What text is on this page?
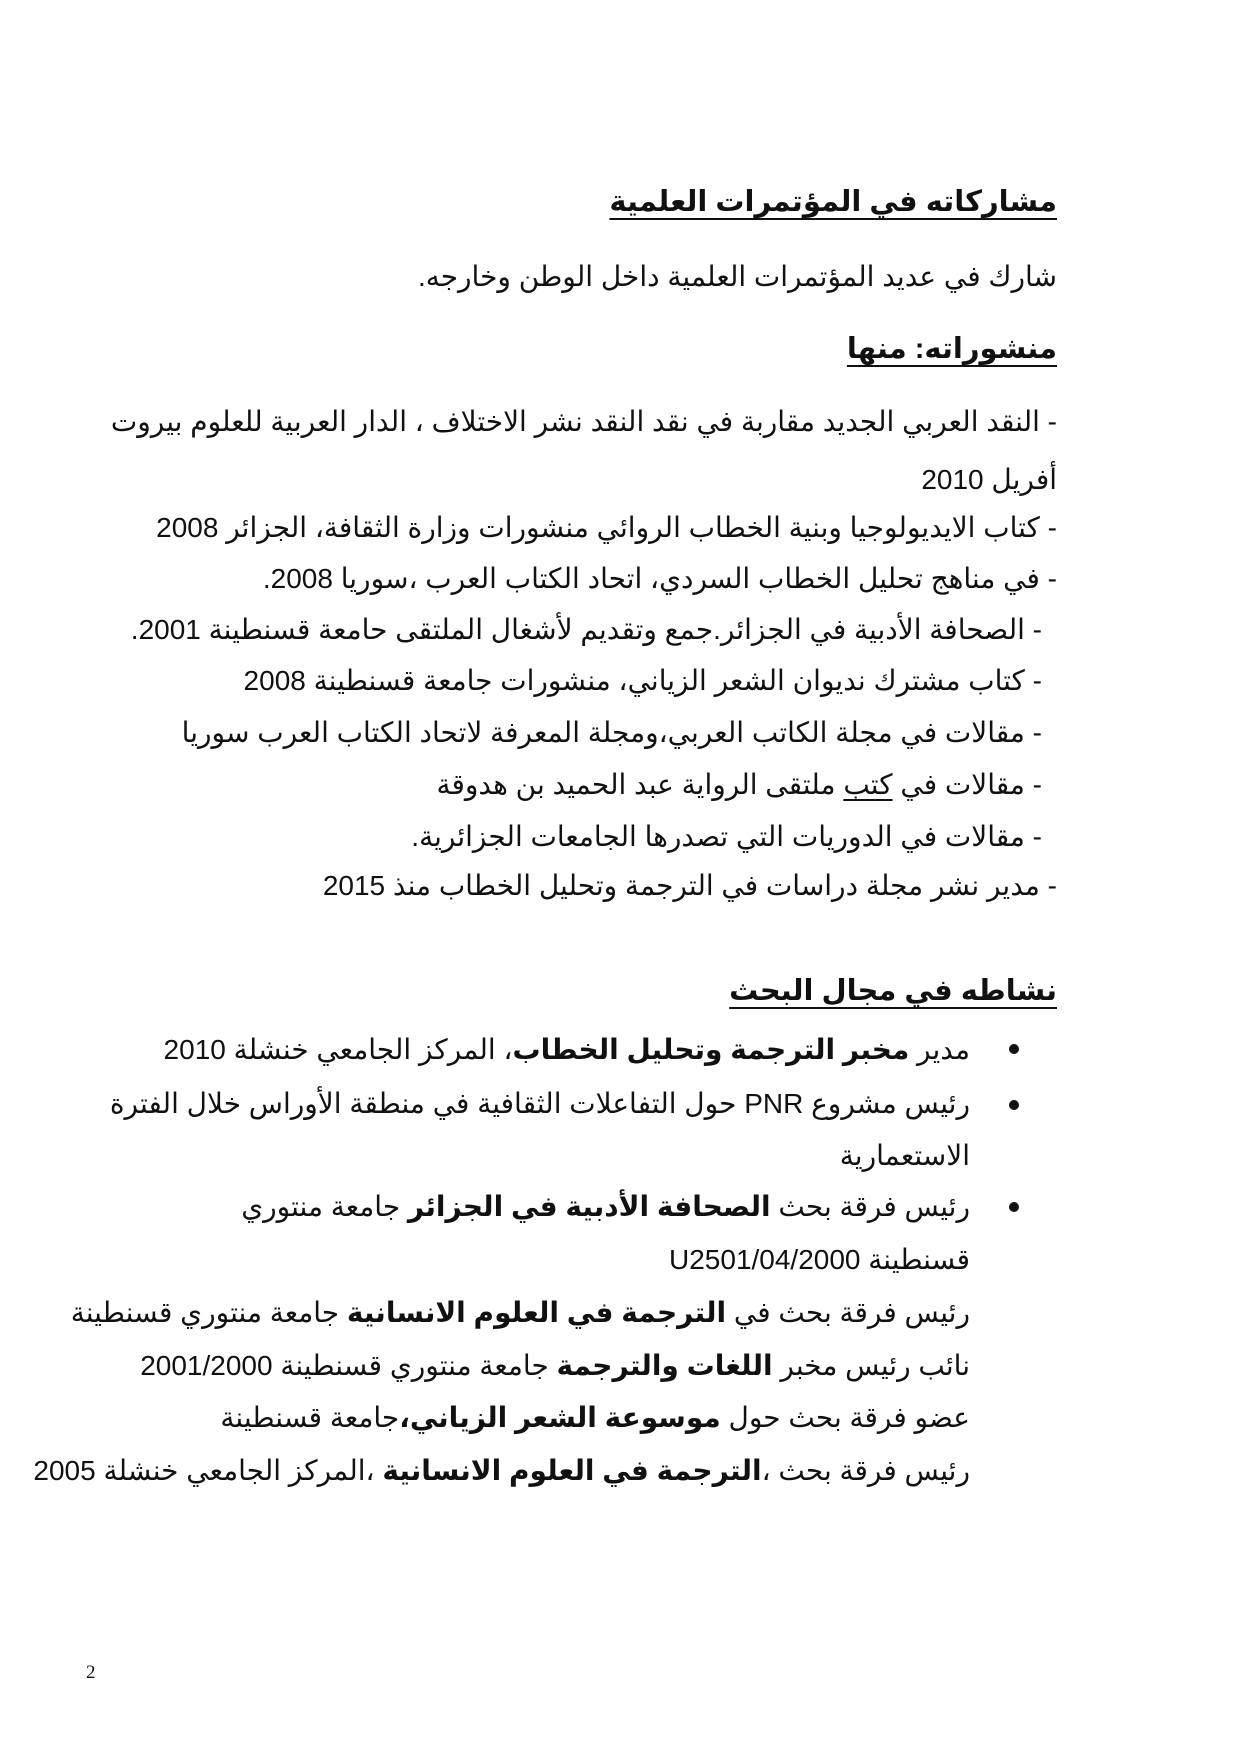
مشاركاته في المؤتمرات العلمية
شارك في عديد المؤتمرات العلمية داخل الوطن وخارجه.
منشوراته: منها
- النقد العربي الجديد مقاربة في نقد النقد نشر الاختلاف ، الدار العربية للعلوم بيروت أفريل 2010
- كتاب الايديولوجيا وبنية الخطاب الروائي منشورات وزارة الثقافة، الجزائر 2008
- في مناهج تحليل الخطاب السردي، اتحاد الكتاب العرب ،سوريا 2008.
- الصحافة الأدبية في الجزائر.جمع وتقديم لأشغال الملتقى حامعة قسنطينة 2001.
- كتاب مشترك نديوان الشعر الزياني، منشورات جامعة قسنطينة 2008
- مقالات في مجلة الكاتب العربي،ومجلة المعرفة لاتحاد الكتاب العرب سوريا
- مقالات في كتب ملتقى الرواية عبد الحميد بن هدوقة
- مقالات في الدوريات التي تصدرها الجامعات الجزائرية.
- مدير نشر مجلة دراسات في الترجمة وتحليل الخطاب منذ 2015
نشاطه في مجال البحث
مدير مخبر الترجمة وتحليل الخطاب، المركز الجامعي خنشلة 2010
رئيس مشروع PNR حول التفاعلات الثقافية في منطقة الأوراس خلال الفترة الاستعمارية
رئيس فرقة بحث الصحافة الأدبية في الجزائر جامعة منتوري
قسنطينة U2501/04/2000
رئيس فرقة بحث في الترجمة في العلوم الانسانية جامعة منتوري قسنطينة
نائب رئيس مخبر اللغات والترجمة جامعة منتوري قسنطينة 2001/2000
عضو فرقة بحث حول موسوعة الشعر الزياني،جامعة قسنطينة
رئيس فرقة بحث ،الترجمة في العلوم الانسانية ،المركز الجامعي خنشلة 2005
2
